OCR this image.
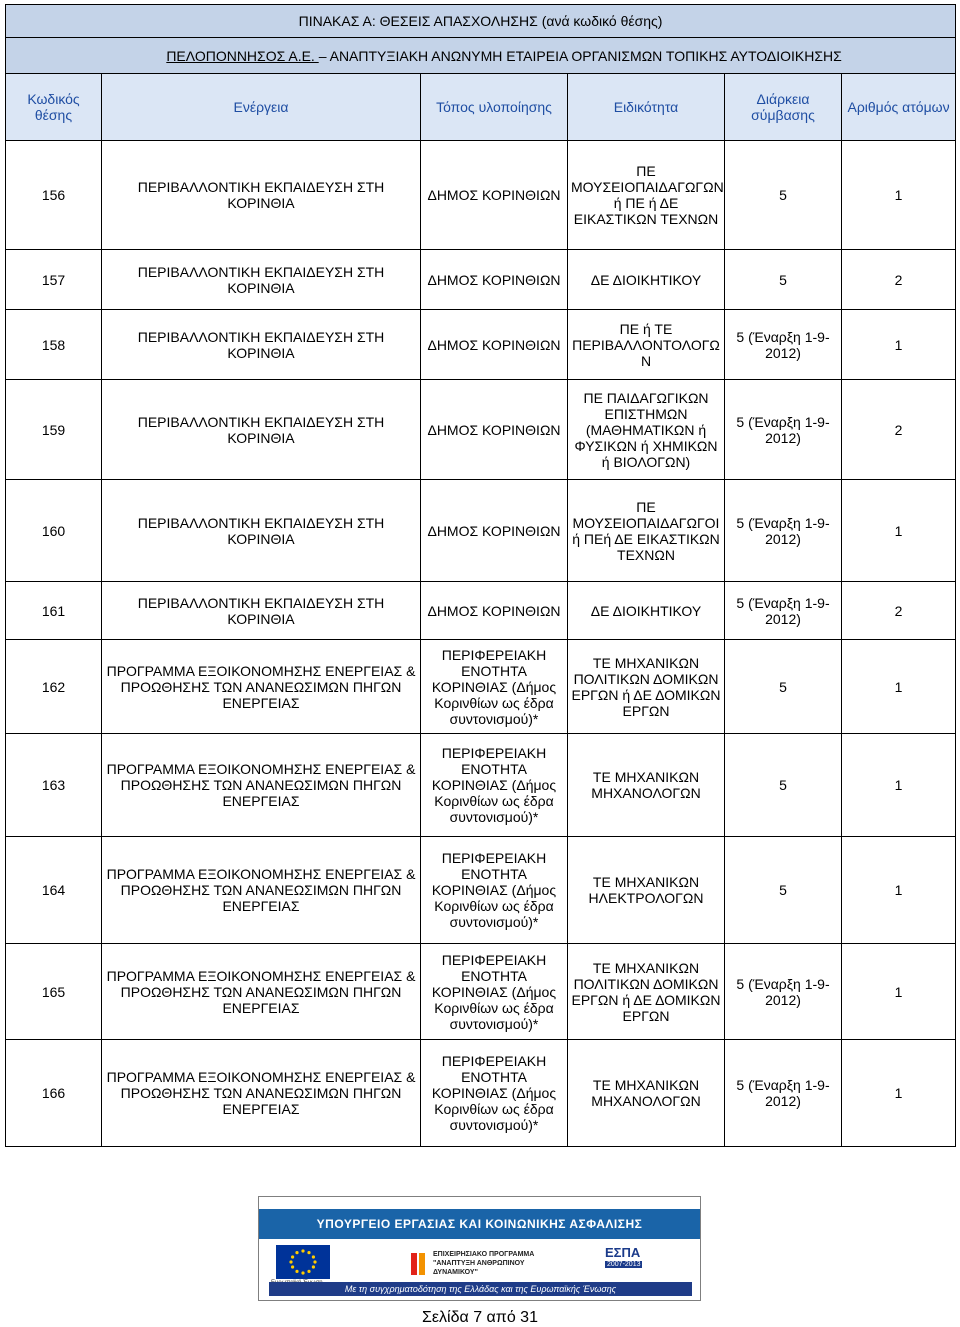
ΠΙΝΑΚΑΣ Α: ΘΕΣΕΙΣ ΑΠΑΣΧΟΛΗΣΗΣ (ανά κωδικό θέσης)					
ΠΕΛΟΠΟΝΝΗΣΟΣ Α.Ε. – ΑΝΑΠΤΥΞΙΑΚΗ ΑΝΩΝΥΜΗ ΕΤΑΙΡΕΙΑ ΟΡΓΑΝΙΣΜΩΝ ΤΟΠΙΚΗΣ ΑΥΤΟΔΙΟΙΚΗΣΗΣ					
Κωδικός θέσης	Ενέργεια	Τόπος υλοποίησης	Ειδικότητα	Διάρκεια σύμβασης	Αριθμός ατόμων
156	ΠΕΡΙΒΑΛΛΟΝΤΙΚΗ ΕΚΠΑΙΔΕΥΣΗ ΣΤΗ ΚΟΡΙΝΘΙΑ	ΔΗΜΟΣ ΚΟΡΙΝΘΙΩΝ	ΠΕ ΜΟΥΣΕΙΟΠΑΙΔΑΓΩΓΩΝ ή ΠΕ ή ΔΕ ΕΙΚΑΣΤΙΚΩΝ ΤΕΧΝΩΝ	5	1
157	ΠΕΡΙΒΑΛΛΟΝΤΙΚΗ ΕΚΠΑΙΔΕΥΣΗ ΣΤΗ ΚΟΡΙΝΘΙΑ	ΔΗΜΟΣ ΚΟΡΙΝΘΙΩΝ	ΔΕ ΔΙΟΙΚΗΤΙΚΟΥ	5	2
158	ΠΕΡΙΒΑΛΛΟΝΤΙΚΗ ΕΚΠΑΙΔΕΥΣΗ ΣΤΗ ΚΟΡΙΝΘΙΑ	ΔΗΜΟΣ ΚΟΡΙΝΘΙΩΝ	ΠΕ ή ΤΕ ΠΕΡΙΒΑΛΛΟΝΤΟΛΟΓΩ Ν	5 (Έναρξη 1-9-2012)	1
159	ΠΕΡΙΒΑΛΛΟΝΤΙΚΗ ΕΚΠΑΙΔΕΥΣΗ ΣΤΗ ΚΟΡΙΝΘΙΑ	ΔΗΜΟΣ ΚΟΡΙΝΘΙΩΝ	ΠΕ ΠΑΙΔΑΓΩΓΙΚΩΝ ΕΠΙΣΤΗΜΩΝ (ΜΑΘΗΜΑΤΙΚΩΝ ή ΦΥΣΙΚΩΝ ή ΧΗΜΙΚΩΝ ή ΒΙΟΛΟΓΩΝ)	5 (Έναρξη 1-9-2012)	2
160	ΠΕΡΙΒΑΛΛΟΝΤΙΚΗ ΕΚΠΑΙΔΕΥΣΗ ΣΤΗ ΚΟΡΙΝΘΙΑ	ΔΗΜΟΣ ΚΟΡΙΝΘΙΩΝ	ΠΕ ΜΟΥΣΕΙΟΠΑΙΔΑΓΩΓΟΙ ή ΠΕή ΔΕ ΕΙΚΑΣΤΙΚΩΝ ΤΕΧΝΩΝ	5 (Έναρξη 1-9-2012)	1
161	ΠΕΡΙΒΑΛΛΟΝΤΙΚΗ ΕΚΠΑΙΔΕΥΣΗ ΣΤΗ ΚΟΡΙΝΘΙΑ	ΔΗΜΟΣ ΚΟΡΙΝΘΙΩΝ	ΔΕ ΔΙΟΙΚΗΤΙΚΟΥ	5 (Έναρξη 1-9-2012)	2
162	ΠΡΟΓΡΑΜΜΑ ΕΞΟΙΚΟΝΟΜΗΣΗΣ ΕΝΕΡΓΕΙΑΣ & ΠΡΟΩΘΗΣΗΣ ΤΩΝ ΑΝΑΝΕΩΣΙΜΩΝ ΠΗΓΩΝ ΕΝΕΡΓΕΙΑΣ	ΠΕΡΙΦΕΡΕΙΑΚΗ ΕΝΟΤΗΤΑ ΚΟΡΙΝΘΙΑΣ (Δήμος Κορινθίων ως έδρα συντονισμού)*	ΤΕ ΜΗΧΑΝΙΚΩΝ ΠΟΛΙΤΙΚΩΝ ΔΟΜΙΚΩΝ ΕΡΓΩΝ ή ΔΕ ΔΟΜΙΚΩΝ ΕΡΓΩΝ	5	1
163	ΠΡΟΓΡΑΜΜΑ ΕΞΟΙΚΟΝΟΜΗΣΗΣ ΕΝΕΡΓΕΙΑΣ & ΠΡΟΩΘΗΣΗΣ ΤΩΝ ΑΝΑΝΕΩΣΙΜΩΝ ΠΗΓΩΝ ΕΝΕΡΓΕΙΑΣ	ΠΕΡΙΦΕΡΕΙΑΚΗ ΕΝΟΤΗΤΑ ΚΟΡΙΝΘΙΑΣ (Δήμος Κορινθίων ως έδρα συντονισμού)*	ΤΕ ΜΗΧΑΝΙΚΩΝ ΜΗΧΑΝΟΛΟΓΩΝ	5	1
164	ΠΡΟΓΡΑΜΜΑ ΕΞΟΙΚΟΝΟΜΗΣΗΣ ΕΝΕΡΓΕΙΑΣ & ΠΡΟΩΘΗΣΗΣ ΤΩΝ ΑΝΑΝΕΩΣΙΜΩΝ ΠΗΓΩΝ ΕΝΕΡΓΕΙΑΣ	ΠΕΡΙΦΕΡΕΙΑΚΗ ΕΝΟΤΗΤΑ ΚΟΡΙΝΘΙΑΣ (Δήμος Κορινθίων ως έδρα συντονισμού)*	ΤΕ ΜΗΧΑΝΙΚΩΝ ΗΛΕΚΤΡΟΛΟΓΩΝ	5	1
165	ΠΡΟΓΡΑΜΜΑ ΕΞΟΙΚΟΝΟΜΗΣΗΣ ΕΝΕΡΓΕΙΑΣ & ΠΡΟΩΘΗΣΗΣ ΤΩΝ ΑΝΑΝΕΩΣΙΜΩΝ ΠΗΓΩΝ ΕΝΕΡΓΕΙΑΣ	ΠΕΡΙΦΕΡΕΙΑΚΗ ΕΝΟΤΗΤΑ ΚΟΡΙΝΘΙΑΣ (Δήμος Κορινθίων ως έδρα συντονισμού)*	ΤΕ ΜΗΧΑΝΙΚΩΝ ΠΟΛΙΤΙΚΩΝ ΔΟΜΙΚΩΝ ΕΡΓΩΝ ή ΔΕ ΔΟΜΙΚΩΝ ΕΡΓΩΝ	5 (Έναρξη 1-9-2012)	1
166	ΠΡΟΓΡΑΜΜΑ ΕΞΟΙΚΟΝΟΜΗΣΗΣ ΕΝΕΡΓΕΙΑΣ & ΠΡΟΩΘΗΣΗΣ ΤΩΝ ΑΝΑΝΕΩΣΙΜΩΝ ΠΗΓΩΝ ΕΝΕΡΓΕΙΑΣ	ΠΕΡΙΦΕΡΕΙΑΚΗ ΕΝΟΤΗΤΑ ΚΟΡΙΝΘΙΑΣ (Δήμος Κορινθίων ως έδρα συντονισμού)*	ΤΕ ΜΗΧΑΝΙΚΩΝ ΜΗΧΑΝΟΛΟΓΩΝ	5 (Έναρξη 1-9-2012)	1
ΥΠΟΥΡΓΕΙΟ ΕΡΓΑΣΙΑΣ ΚΑΙ ΚΟΙΝΩΝΙΚΗΣ ΑΣΦΑΛΙΣΗΣ
ΕΠΙΧΕΙΡΗΣΙΑΚΟ ΠΡΟΓΡΑΜΜΑ "ΑΝΑΠΤΥΞΗ ΑΝΘΡΩΠΙΝΟΥ ΔΥΝΑΜΙΚΟΥ"
ΕΣΠΑ
2007-2013
Με τη συγχρηματοδότηση της Ελλάδας και της Ευρωπαϊκής Ένωσης
Σελίδα 7 από 31
